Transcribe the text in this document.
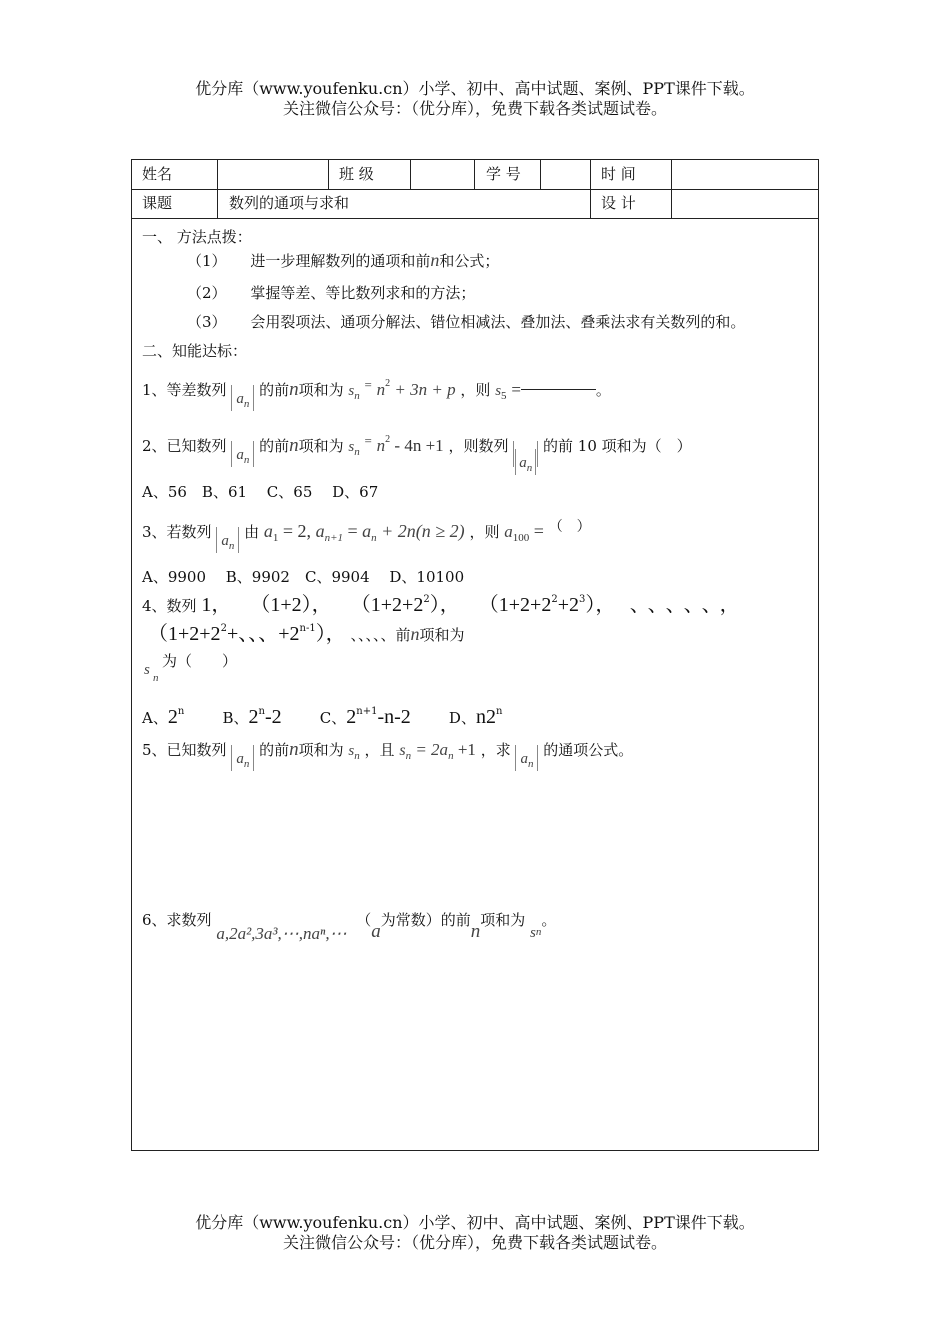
优分库（www.youfenku.cn）小学、初中、高中试题、案例、PPT课件下载。
关注微信公众号：（优分库），免费下载各类试题试卷。
姓名	班 级	学 号	时 间
课题	数列的通项与求和	设 计
一、 方法点拨：
（1） 进一步理解数列的通项和前n和公式；
（2） 掌握等差、等比数列求和的方法；
（3） 会用裂项法、通项分解法、错位相减法、叠加法、叠乘法求有关数列的和。
二、知能达标：
1、等差数列 $a_n$ 的前n项和为 $s_n$ = $n^2 + 3n + p$ ，则 $s_5$ =	。
2、已知数列 $a_n$ 的前n项和为 $s_n$ = $n^2 - 4n +1$ ，则数列 $a_n$ 的前 10 项和为（　）
A、56　B、61　 C、65　 D、67
3、若数列 $a_n$ 由 $a_1 = 2$, $a_{n+1} = a_n + 2n(n \ge 2)$ ，则 $a_{100} = ^{( )}$
A、9900　 B、9902　C、9904　 D、10100
4、数列 1， （1+2）， $(1+2+2^2)$， $(1+2+2^2+2^3)$， 、、、、、，
（$1+2+2^2+$、、、$+2^{n-1}$）， 、、、、、前n项和为
s n
为（　　）
A、2$^n$	B、2$^n$-2	C、$2^{n+1}-n-2$	D、n2$^n$
5、已知数列 $a_n$ 的前n项和为 $s_n$ ，且 $s_n = 2a_n +1$ ，求 $a_n$ 的通项公式。
6、求数列 a,2a²,3a³,⋯,naⁿ,⋯  （a为常数）的前n项和为 $s_n$。
优分库（www.youfenku.cn）小学、初中、高中试题、案例、PPT课件下载。
关注微信公众号：（优分库），免费下载各类试题试卷。
